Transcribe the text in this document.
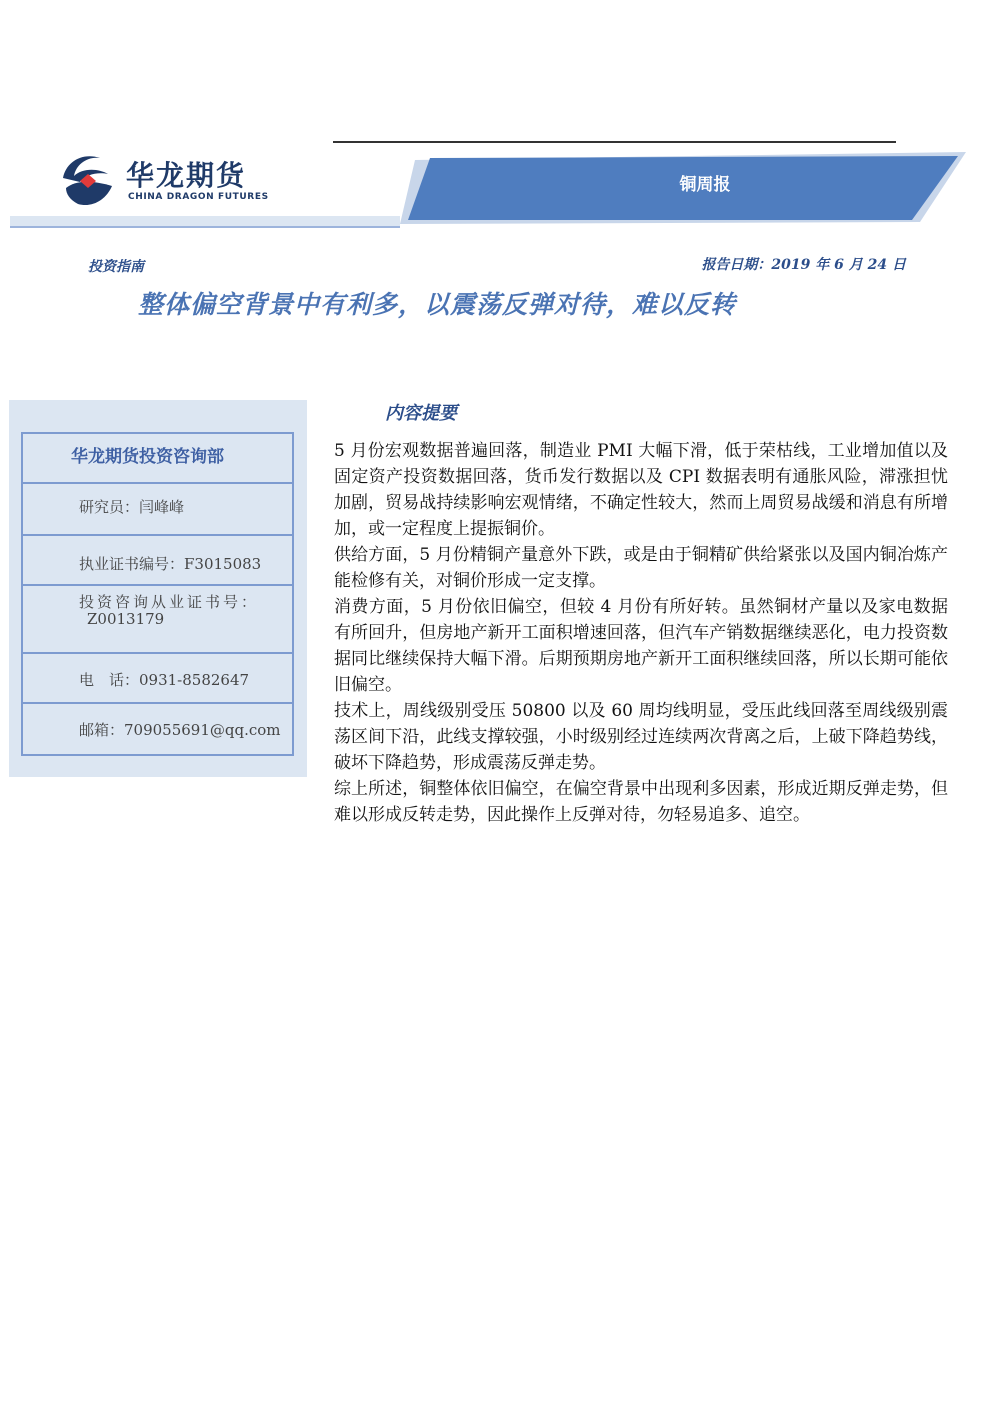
铜周报
华龙期货
CHINA DRAGON FUTURES
投资指南	报告日期：2019 年 6 月 24 日
整体偏空背景中有利多，以震荡反弹对待，难以反转
华龙期货投资咨询部
研究员：闫峰峰
执业证书编号：F3015083
投资咨询从业证书号：
Z0013179
电　话：0931-8582647
邮箱：709055691@qq.com
内容提要

5 月份宏观数据普遍回落，制造业 PMI 大幅下滑，低于荣枯线，工业增加值以及固定资产投资数据回落，货币发行数据以及 CPI 数据表明有通胀风险，滞涨担忧加剧，贸易战持续影响宏观情绪，不确定性较大，然而上周贸易战缓和消息有所增加，或一定程度上提振铜价。

供给方面，5 月份精铜产量意外下跌，或是由于铜精矿供给紧张以及国内铜冶炼产能检修有关，对铜价形成一定支撑。

消费方面，5 月份依旧偏空，但较 4 月份有所好转。虽然铜材产量以及家电数据有所回升，但房地产新开工面积增速回落，但汽车产销数据继续恶化，电力投资数据同比继续保持大幅下滑。后期预期房地产新开工面积继续回落，所以长期可能依旧偏空。

技术上，周线级别受压 50800 以及 60 周均线明显，受压此线回落至周线级别震荡区间下沿，此线支撑较强，小时级别经过连续两次背离之后，上破下降趋势线，破坏下降趋势，形成震荡反弹走势。

综上所述，铜整体依旧偏空，在偏空背景中出现利多因素，形成近期反弹走势，但难以形成反转走势，因此操作上反弹对待，勿轻易追多、追空。
